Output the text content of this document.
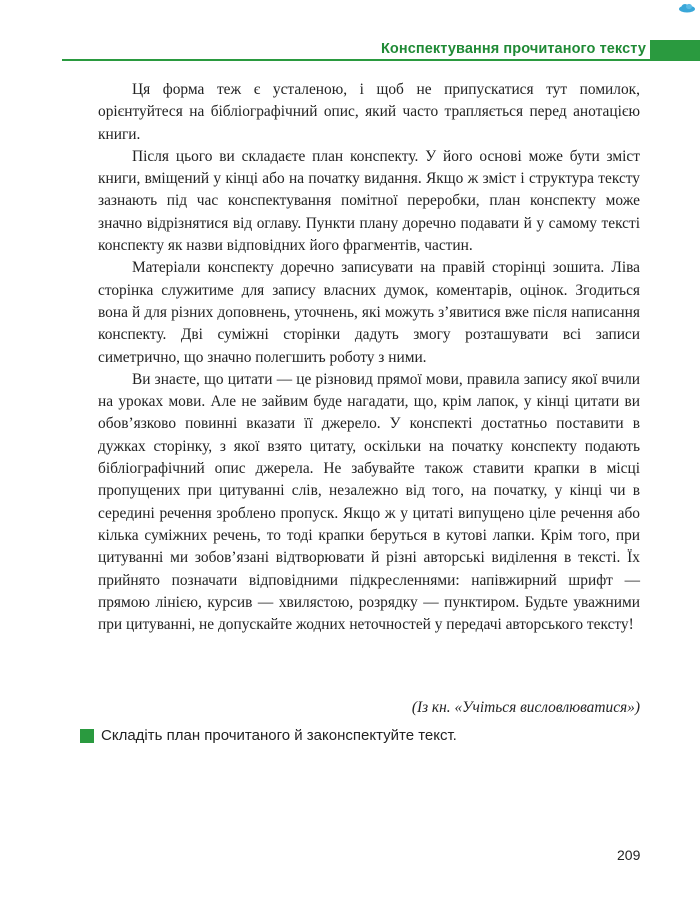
Конспектування прочитаного тексту

Ця форма теж є усталеною, і щоб не припускатися тут помилок, орієнтуйтеся на бібліографічний опис, який часто трапляється перед анотацією книги.

Після цього ви складаєте план конспекту. У його основі може бути зміст книги, вміщений у кінці або на початку видання. Якщо ж зміст і структура тексту зазнають під час конспектування помітної переробки, план конспекту може значно відрізнятися від оглаву. Пункти плану доречно подавати й у самому тексті конспекту як назви відповідних його фрагментів, частин.

Матеріали конспекту доречно записувати на правій сторінці зошита. Ліва сторінка служитиме для запису власних думок, коментарів, оцінок. Згодиться вона й для різних доповнень, уточнень, які можуть з’явитися вже після написання конспекту. Дві суміжні сторінки дадуть змогу розташувати всі записи симетрично, що значно полегшить роботу з ними.

Ви знаєте, що цитати — це різновид прямої мови, правила запису якої вчили на уроках мови. Але не зайвим буде нагадати, що, крім лапок, у кінці цитати ви обов’язково повинні вказати її джерело. У конспекті достатньо поставити в дужках сторінку, з якої взято цитату, оскільки на початку конспекту подають бібліографічний опис джерела. Не забувайте також ставити крапки в місці пропущених при цитуванні слів, незалежно від того, на початку, у кінці чи в середині речення зроблено пропуск. Якщо ж у цитаті випущено ціле речення або кілька суміжних речень, то тоді крапки беруться в кутові лапки. Крім того, при цитуванні ми зобов’язані відтворювати й різні авторські виділення в тексті. Їх прийнято позначати відповідними підкресленнями: напівжирний шрифт — прямою лінією, курсив — хвилястою, розрядку — пунктиром. Будьте уважними при цитуванні, не допускайте жодних неточностей у передачі авторського тексту!

(Із кн. «Учіться висловлюватися»)
Складіть план прочитаного й законспектуйте текст.
209
